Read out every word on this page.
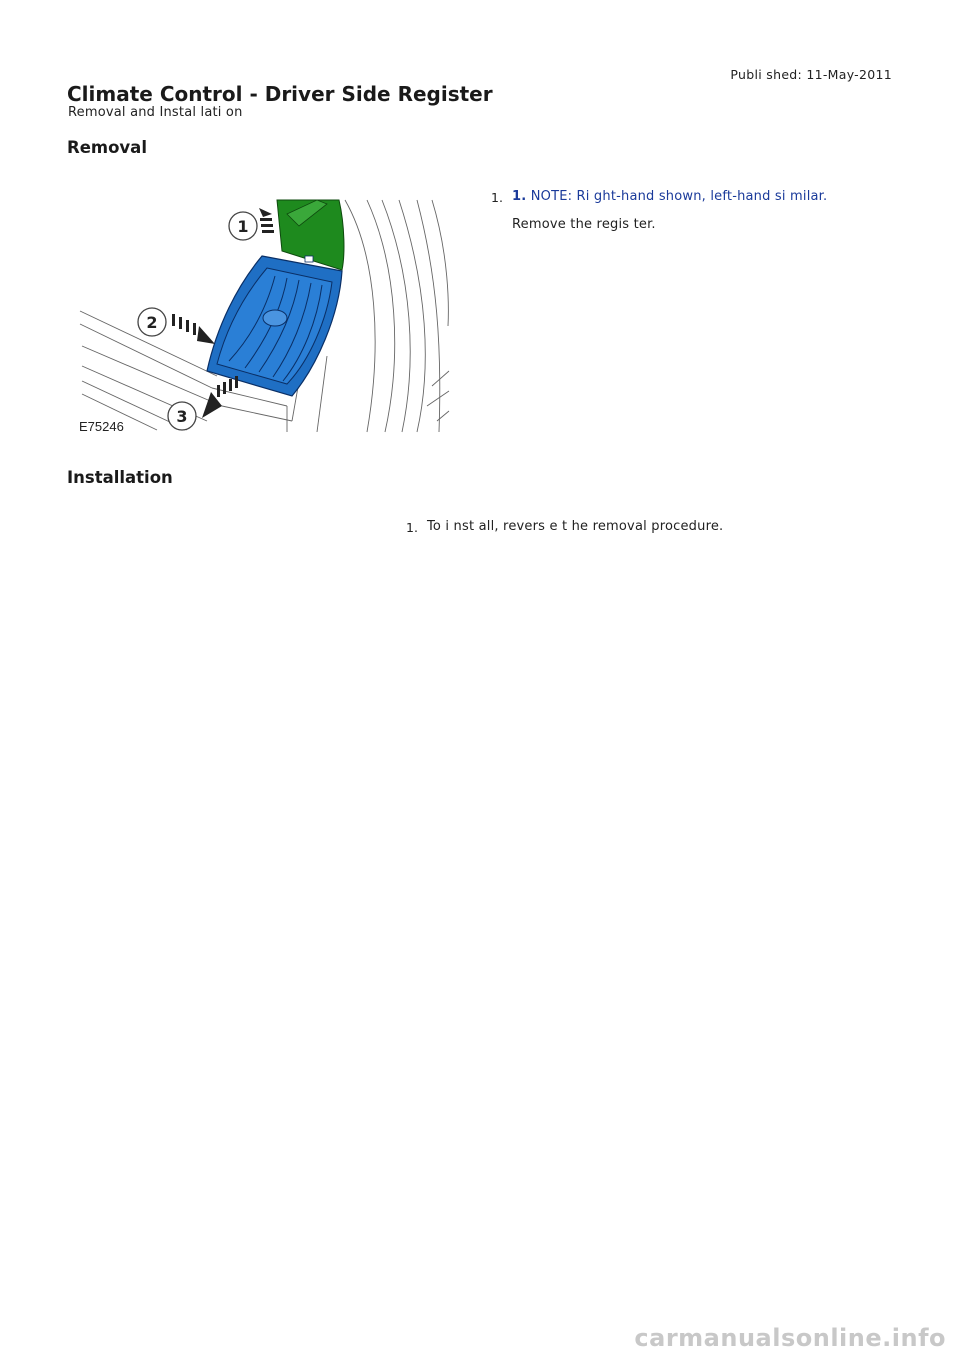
Publi shed: 11-May-2011
Climate Control - Driver Side Register
Removal and Instal lati on
Removal
1
2
3
E75246
1. 1. NOTE: Ri ght-hand shown, left-hand si milar.
Remove the regis ter.
Installation
1. To i nst all, revers e t he removal procedure.
carmanualsonline.info
